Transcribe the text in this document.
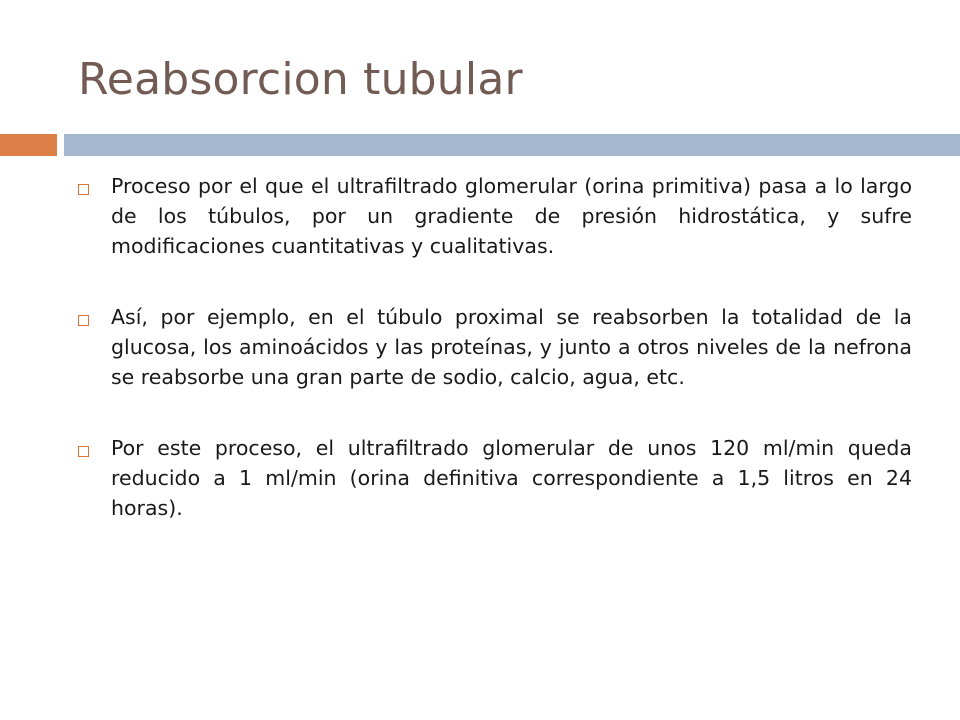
Reabsorcion tubular
Proceso por el que el ultrafiltrado glomerular (orina primitiva) pasa a lo largo de los túbulos, por un gradiente de presión hidrostática, y sufre modificaciones cuantitativas y cualitativas.
Así, por ejemplo, en el túbulo proximal se reabsorben la totalidad de la glucosa, los aminoácidos y las proteínas, y junto a otros niveles de la nefrona se reabsorbe una gran parte de sodio, calcio, agua, etc.
Por este proceso, el ultrafiltrado glomerular de unos 120 ml/min queda reducido a 1 ml/min (orina definitiva correspondiente a 1,5 litros en 24 horas).
